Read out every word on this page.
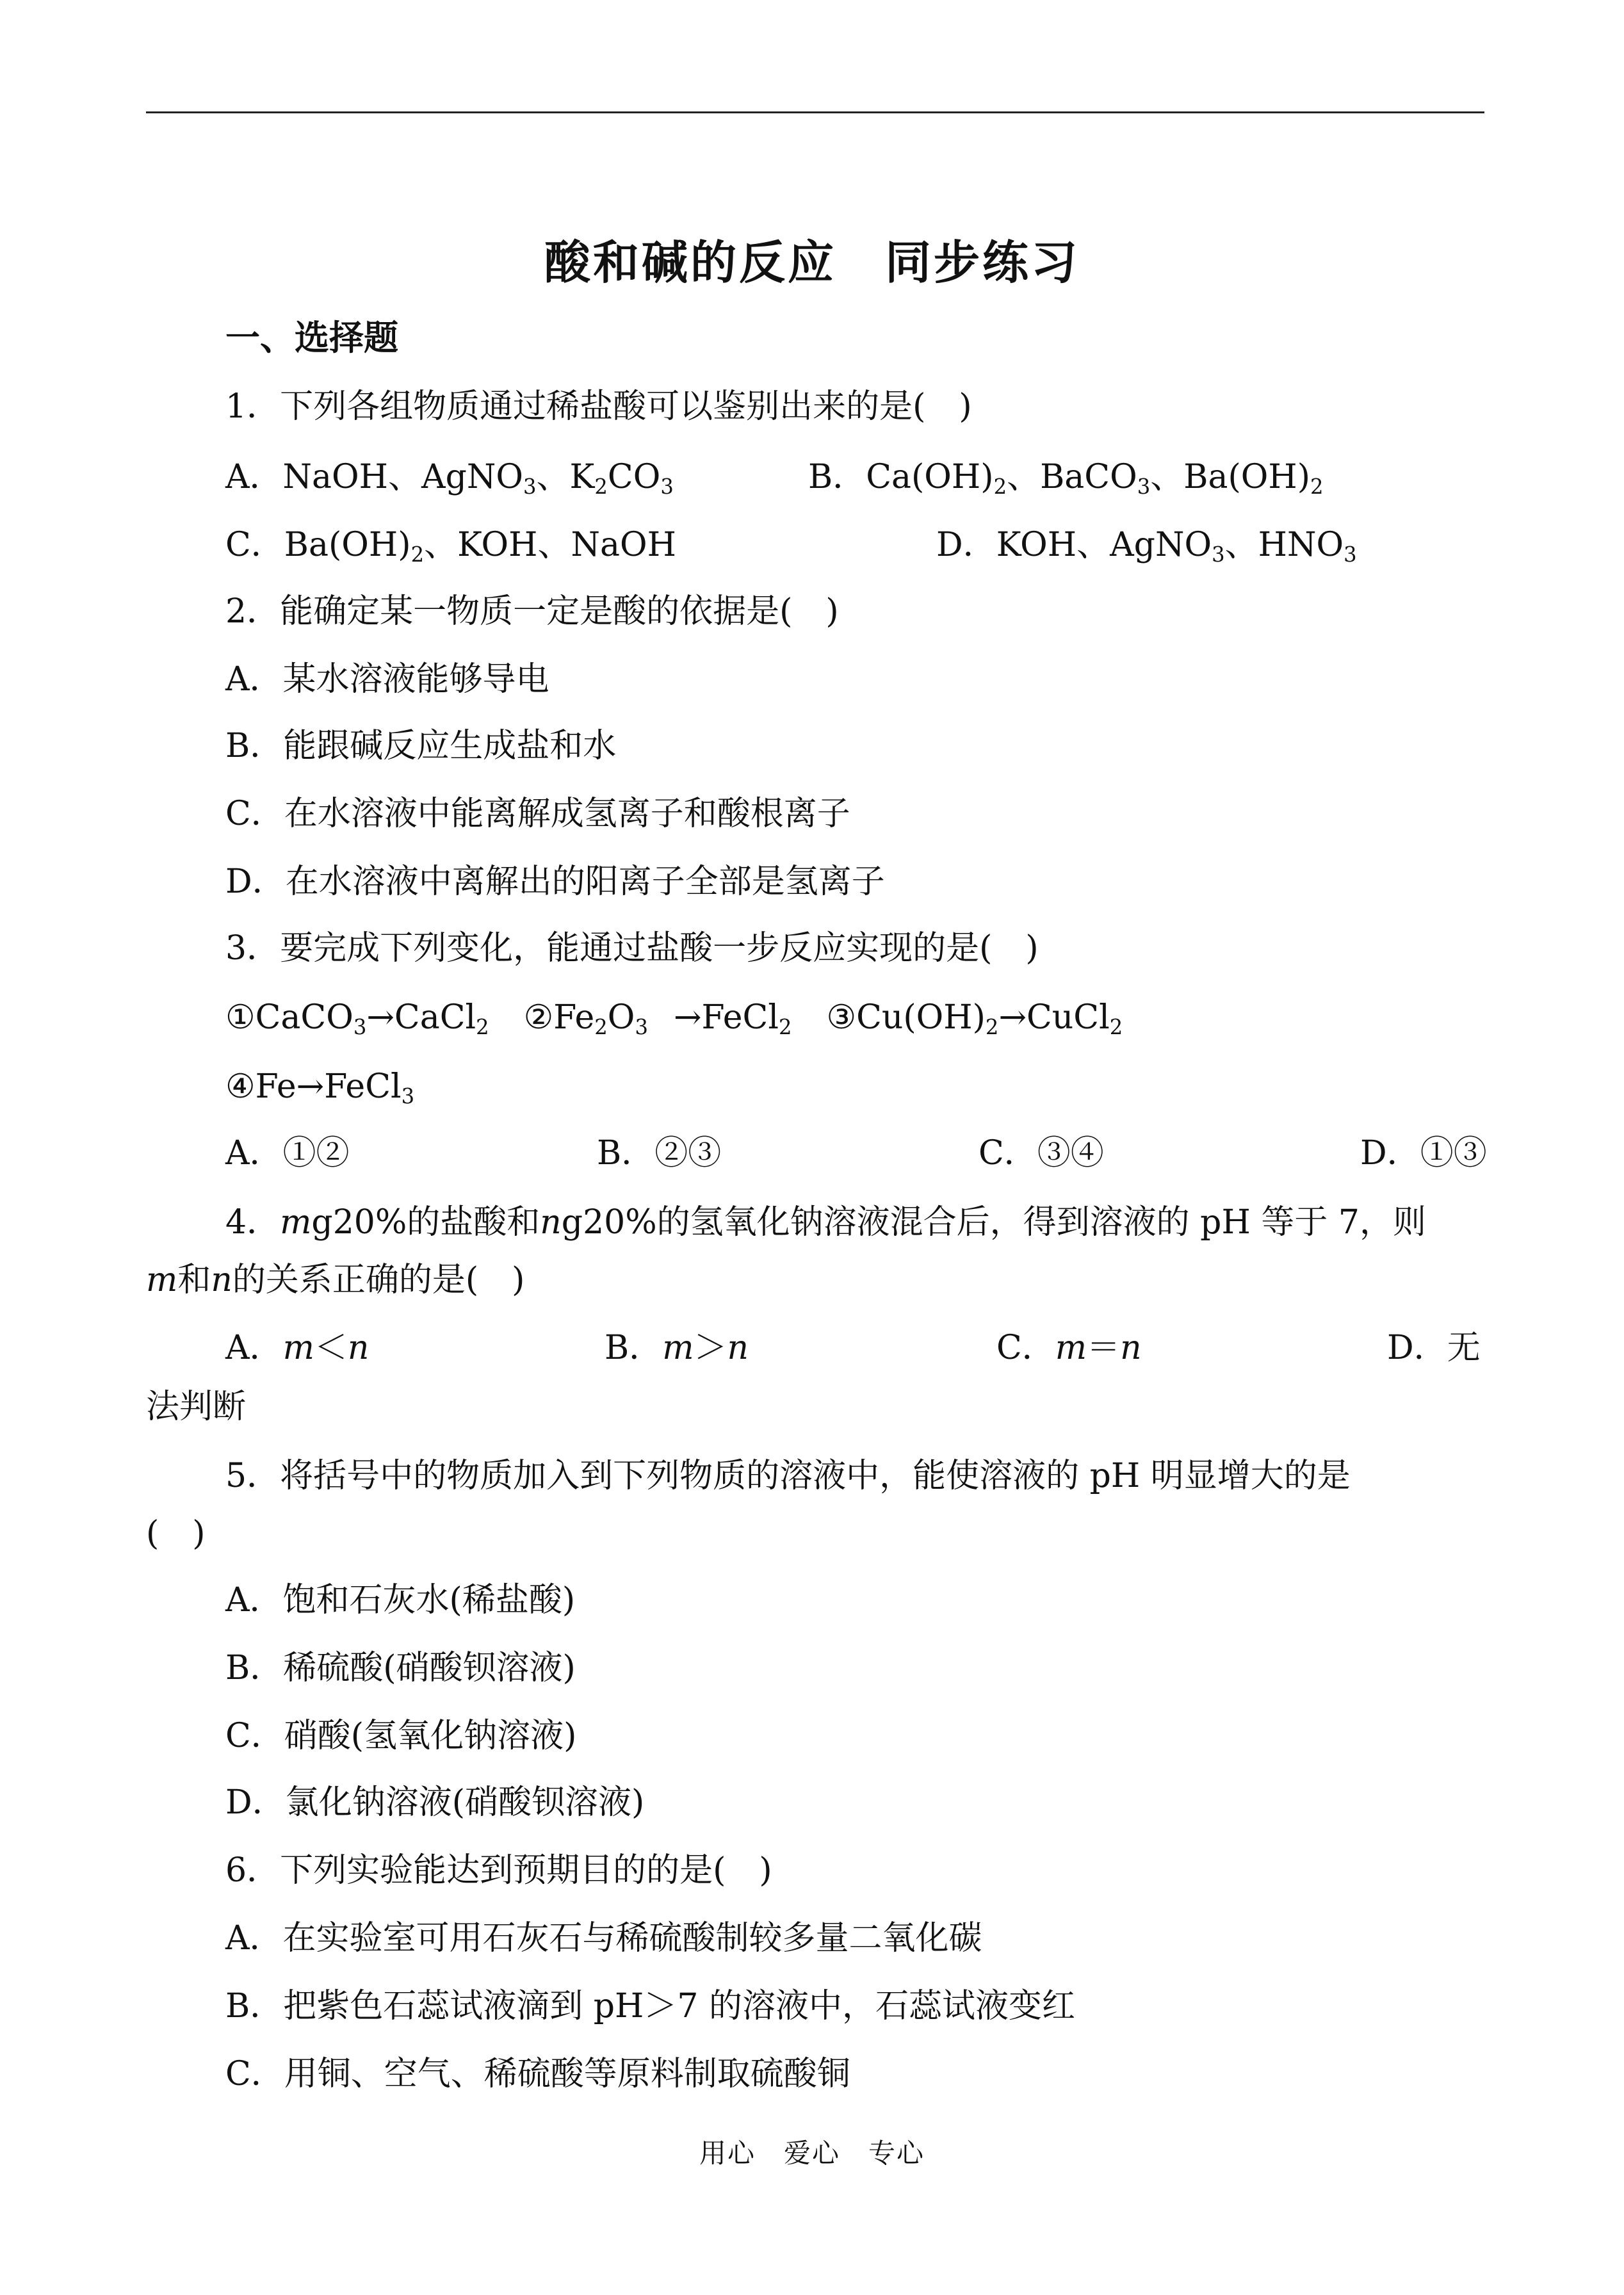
酸和碱的反应　同步练习
一、选择题
1．下列各组物质通过稀盐酸可以鉴别出来的是(　)
A．NaOH、AgNO$_3$、$K_2CO_3$	B．$Ca(OH)_2$、BaCO$_3$、$Ba(OH)_2$
C．$Ba(OH)_2$、KOH、NaOH	D．KOH、AgNO$_3$、$HNO_3$
2．能确定某一物质一定是酸的依据是(　)
A．某水溶液能够导电
B．能跟碱反应生成盐和水
C．在水溶液中能离解成氢离子和酸根离子
D．在水溶液中离解出的阳离子全部是氢离子
3．要完成下列变化，能通过盐酸一步反应实现的是(　)
①CaCO$_3$→CaCl$_2$ $②Fe_2O_3$ →FeCl$_2$ $③Cu(OH)_2\to CuCl_2$
④Fe→FeCl$_3$
A．①②	B．②③	C．③④	D．①③
4．mg20%的盐酸和ng20%的氢氧化钠溶液混合后，得到溶液的 pH 等于 7，则
m和n的关系正确的是(　)
A．m＜n	B．m＞n	C．m＝n	D．无
法判断
5．将括号中的物质加入到下列物质的溶液中，能使溶液的 pH 明显增大的是
(　)
A．饱和石灰水(稀盐酸)
B．稀硫酸(硝酸钡溶液)
C．硝酸(氢氧化钠溶液)
D．氯化钠溶液(硝酸钡溶液)
6．下列实验能达到预期目的的是(　)
A．在实验室可用石灰石与稀硫酸制较多量二氧化碳
B．把紫色石蕊试液滴到 pH＞7 的溶液中，石蕊试液变红
C．用铜、空气、稀硫酸等原料制取硫酸铜
用心　爱心　专心
